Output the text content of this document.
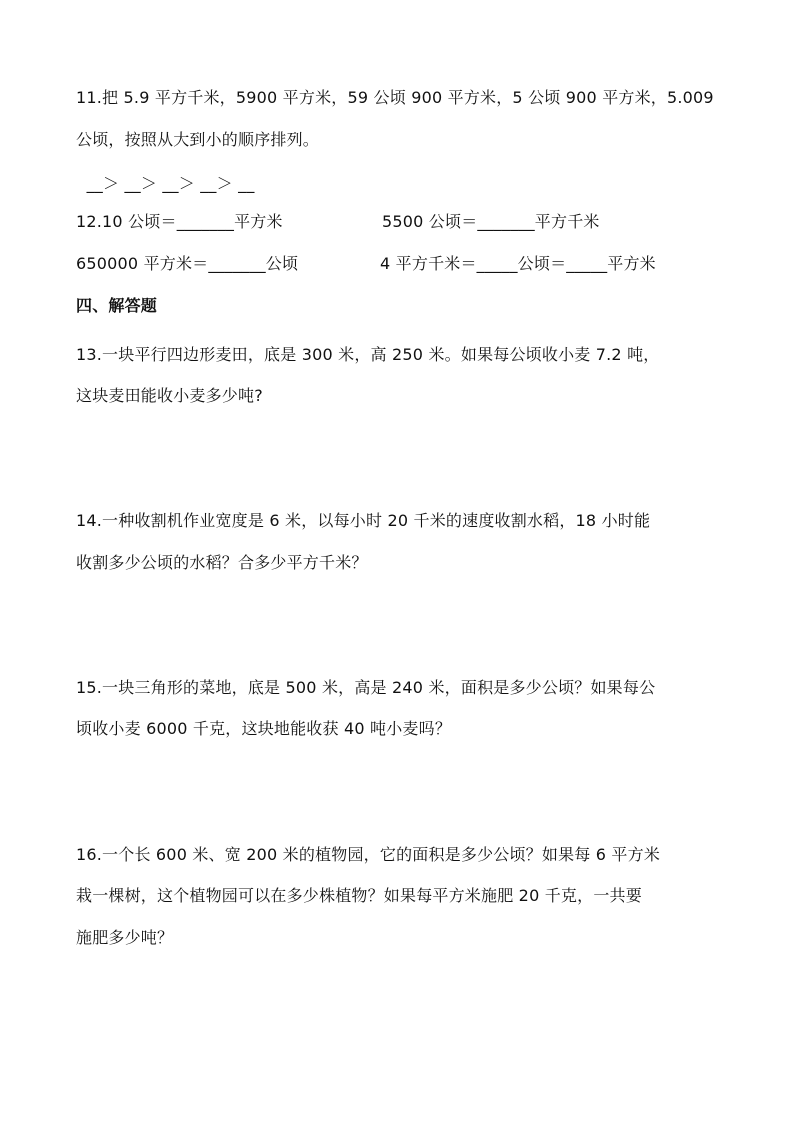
11.把 5.9 平方千米，5900 平方米，59 公顷 900 平方米，5 公顷 900 平方米，5.009
公顷，按照从大到小的顺序排列。
__＞ __＞ __＞ __＞ __
12.10 公顷＝_______平方米	5500 公顷＝_______平方千米
650000 平方米＝_______公顷	4 平方千米＝_____公顷＝_____平方米
四、解答题
13.一块平行四边形麦田，底是 300 米，高 250 米。如果每公顷收小麦 7.2 吨，
这块麦田能收小麦多少吨?
14.一种收割机作业宽度是 6 米，以每小时 20 千米的速度收割水稻，18 小时能
收割多少公顷的水稻？合多少平方千米？
15.一块三角形的菜地，底是 500 米，高是 240 米，面积是多少公顷？如果每公
顷收小麦 6000 千克，这块地能收获 40 吨小麦吗？
16.一个长 600 米、宽 200 米的植物园，它的面积是多少公顷？如果每 6 平方米
栽一棵树，这个植物园可以在多少株植物？如果每平方米施肥 20 千克，一共要
施肥多少吨？
